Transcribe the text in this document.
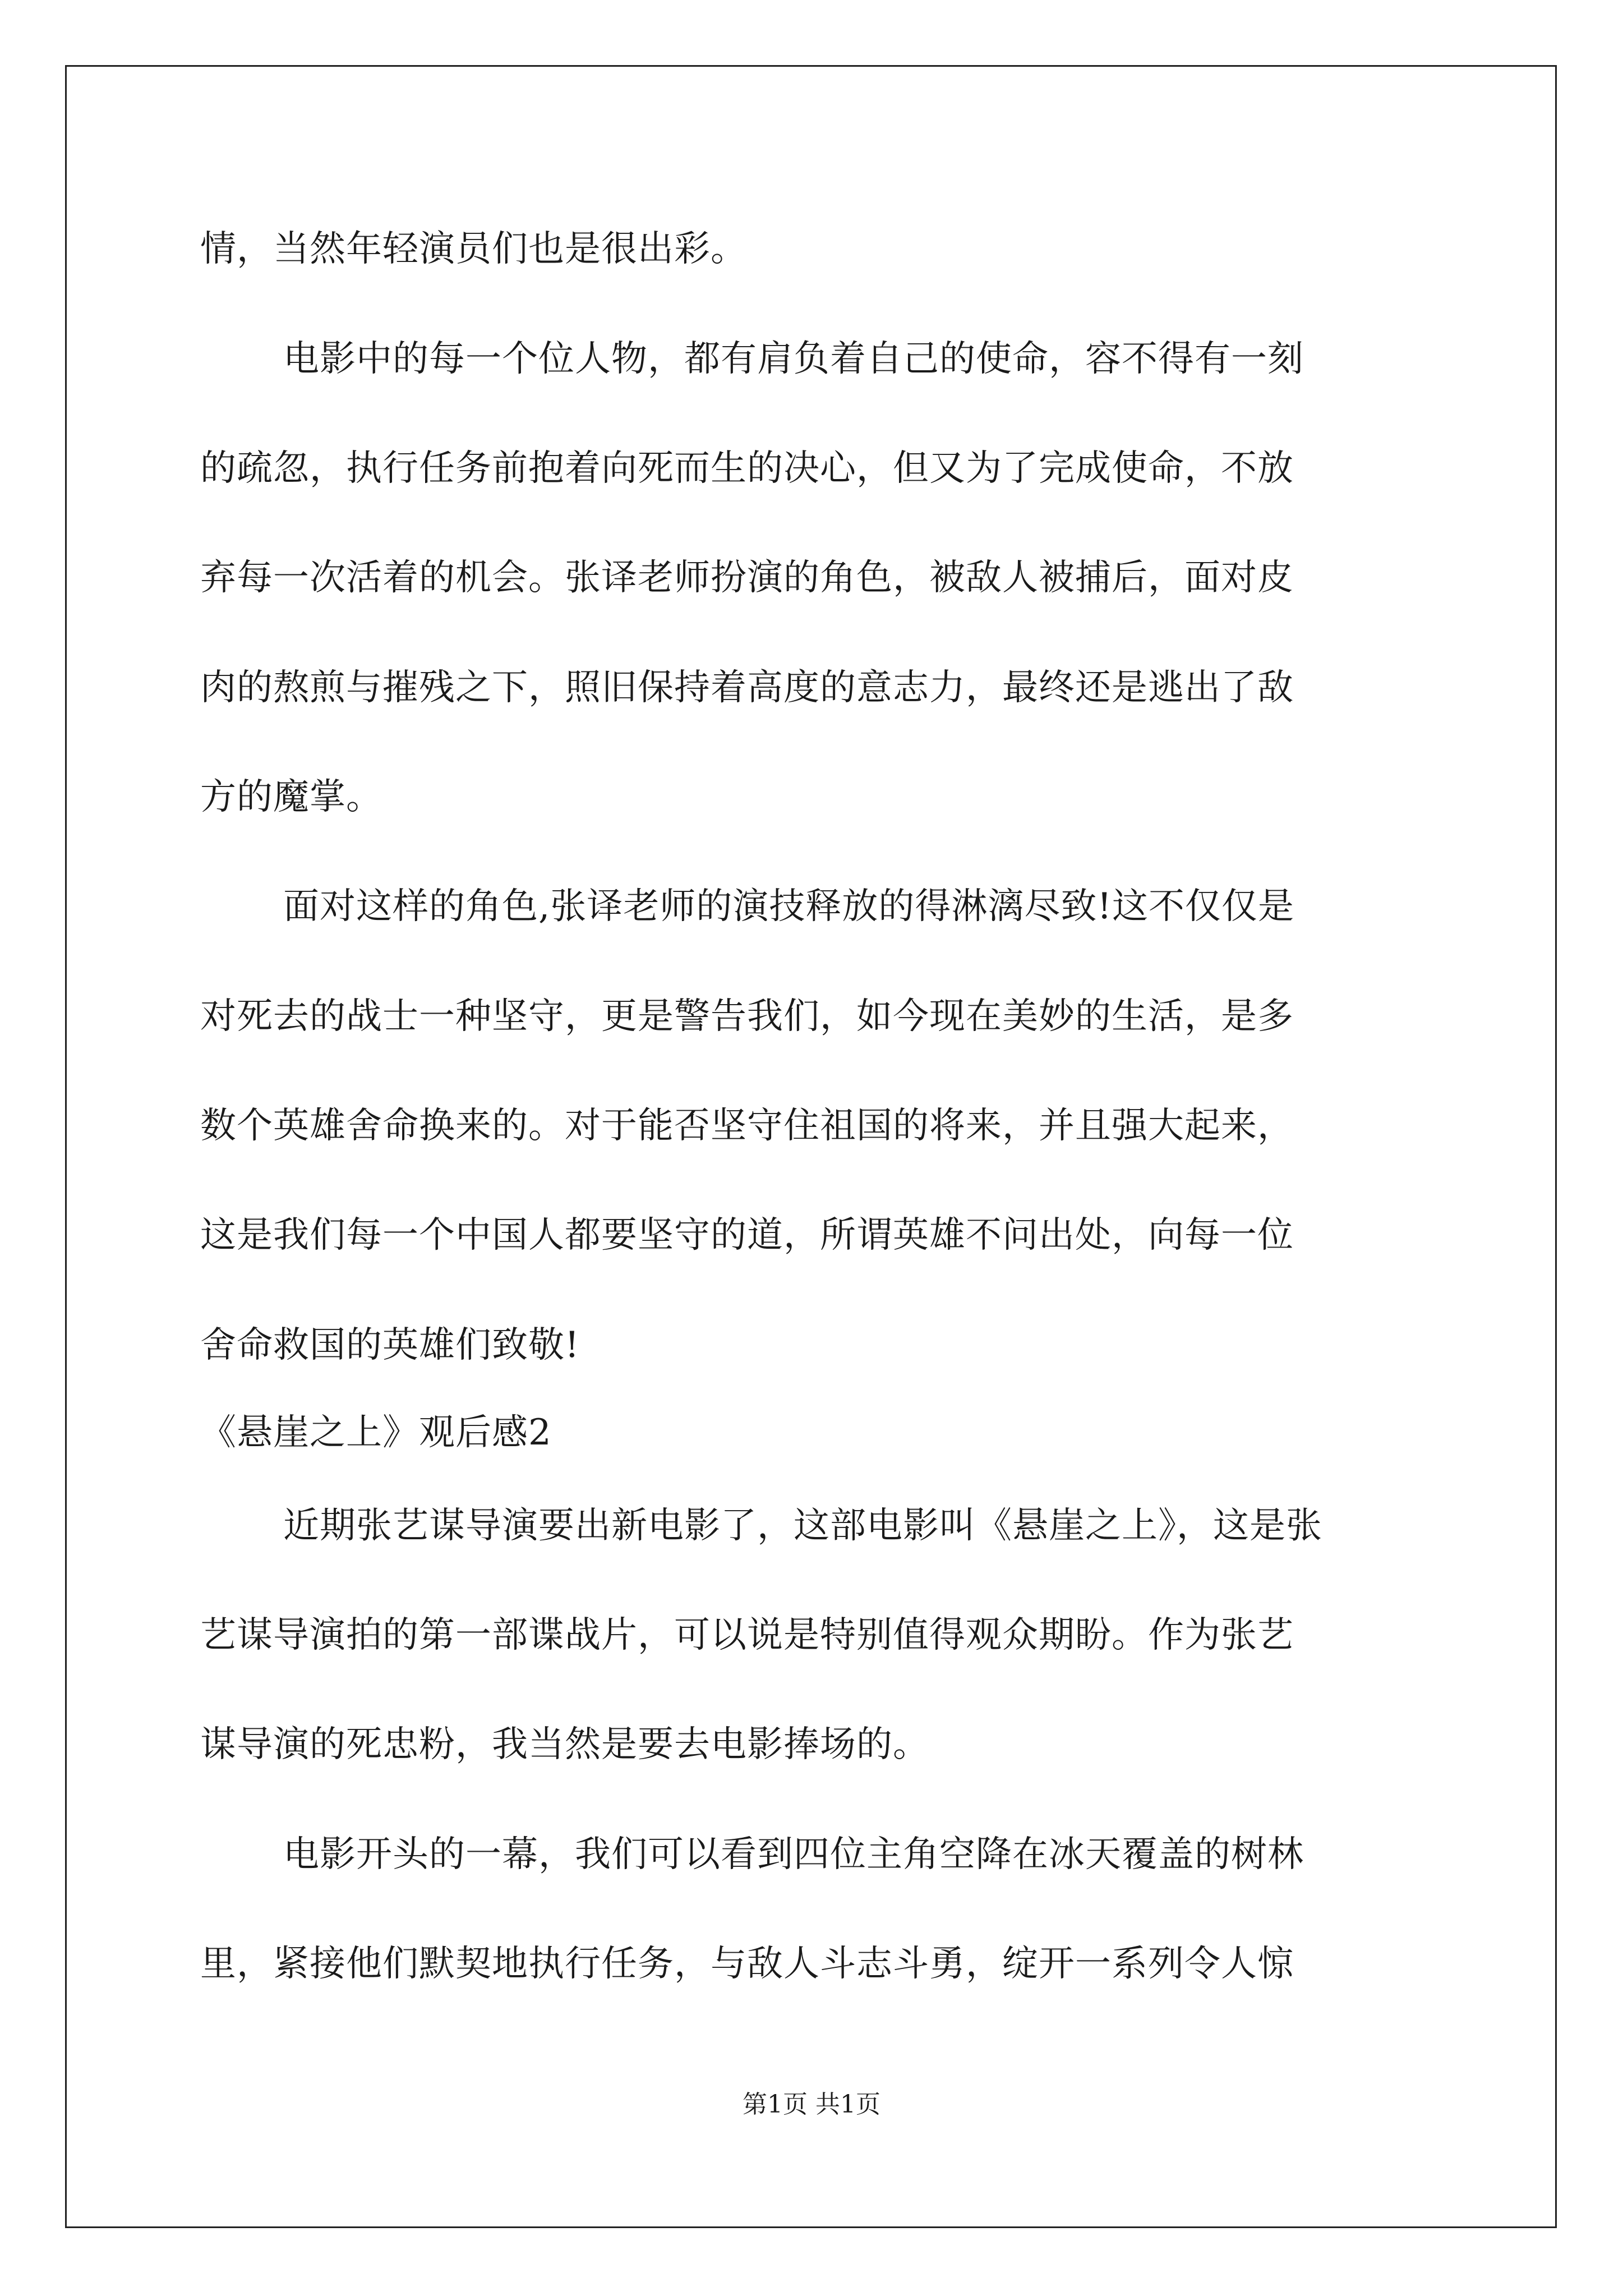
情，当然年轻演员们也是很出彩。
电影中的每一个位人物，都有肩负着自己的使命，容不得有一刻
的疏忽，执行任务前抱着向死而生的决心，但又为了完成使命，不放
弃每一次活着的机会。张译老师扮演的角色，被敌人被捕后，面对皮
肉的熬煎与摧残之下，照旧保持着高度的意志力，最终还是逃出了敌
方的魔掌。
面对这样的角色,张译老师的演技释放的得淋漓尽致!这不仅仅是
对死去的战士一种坚守，更是警告我们，如今现在美妙的生活，是多
数个英雄舍命换来的。对于能否坚守住祖国的将来，并且强大起来，
这是我们每一个中国人都要坚守的道，所谓英雄不问出处，向每一位
舍命救国的英雄们致敬!
《悬崖之上》观后感2
近期张艺谋导演要出新电影了，这部电影叫《悬崖之上》，这是张
艺谋导演拍的第一部谍战片，可以说是特别值得观众期盼。作为张艺
谋导演的死忠粉，我当然是要去电影捧场的。
电影开头的一幕，我们可以看到四位主角空降在冰天覆盖的树林
里，紧接他们默契地执行任务，与敌人斗志斗勇，绽开一系列令人惊
第1页 共1页
